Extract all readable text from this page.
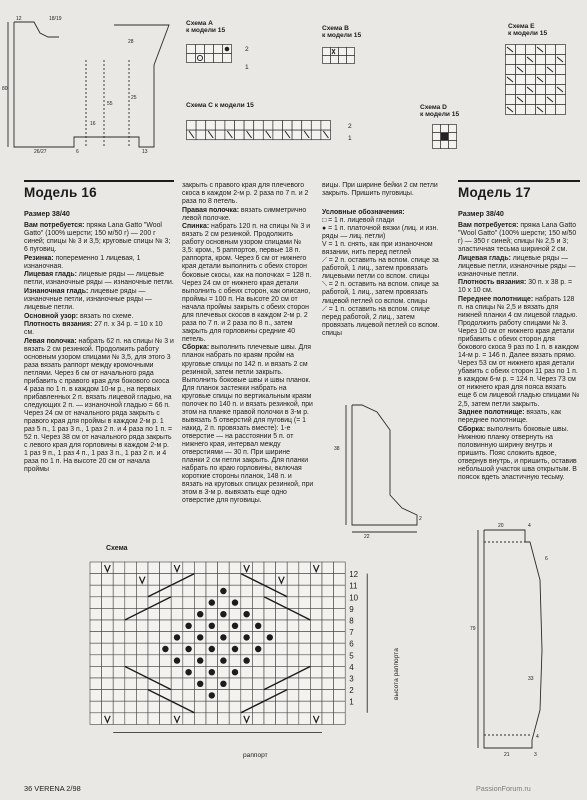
12	18/19
28
80
55
16
25
26/27	6	13
Схема А
к модели 15	Схема В
к модели 15
Схема Е
к модели 15
Схема С к модели 15	Схема D
к модели 15
2
1
2
1
Модель 16
Размер 38/40

Вам потребуется: пряжа Lana Gatto "Wool Gatto" (100% шерсти; 150 м/50 г) — 200 г синей; спицы № 3 и 3,5; круговые спицы № 3; 6 пуговиц.

Резинка: попеременно 1 лицевая, 1 изнаночная.

Лицевая гладь: лицевые ряды — лицевые петли, изнаночные ряды — изнаночные петли.

Изнаночная гладь: лицевые ряды — изнаночные петли, изнаночные ряды — лицевые петли.

Основной узор: вязать по схеме.

Плотность вязания: 27 п. х 34 р. = 10 х 10 см.

Левая полочка: набрать 62 п. на спицы № 3 и вязать 2 см резинкой. Продолжить работу основным узором спицами № 3,5, для этого 3 раза вязать раппорт между кромочными петлями. Через 6 см от начального ряда прибавить с правого края для бокового скоса 4 раза по 1 п. в каждом 10-м р., на первых прибавленных 2 п. вязать лицевой гладью, на следующих 2 п. — изнаночной гладью = 66 п. Через 24 см от начального ряда закрыть с правого края для проймы в каждом 2-м р. 1 раз 5 п., 1 раз 3 п., 1 раз 2 п. и 4 раза по 1 п. = 52 п. Через 38 см от начального ряда закрыть с левого края для горловины в каждом 2-м р. 1 раз 9 п., 1 раз 4 п., 1 раз 3 п., 1 раз 2 п. и 4 раза по 1 п. На высоте 20 см от начала проймы

закрыть с правого края для плечевого скоса в каждом 2-м р. 2 раза по 7 п. и 2 раза по 8 петель.

Правая полочка: вязать симметрично левой полочке.

Спинка: набрать 120 п. на спицы № 3 и вязать 2 см резинкой. Продолжить работу основным узором спицами № 3,5: кром., 5 раппортов, первые 18 п. раппорта, кром. Через 6 см от нижнего края детали выполнить с обеих сторон боковые скосы, как на полочках = 128 п. Через 24 см от нижнего края детали выполнить с обеих сторон, как описано, проймы = 100 п. На высоте 20 см от начала проймы закрыть с обеих сторон для плечевых скосов в каждом 2-м р. 2 раза по 7 п. и 2 раза по 8 п., затем закрыть для горловины средние 40 петель.

Сборка: выполнить плечевые швы. Для планок набрать по краям пройм на круговые спицы по 142 п. и вязать 2 см резинкой, затем петли закрыть. Выполнить боковые швы и швы планок. Для планок застежки набрать на круговые спицы по вертикальным краям полочек по 140 п. и вязать резинкой, при этом на планке правой полочки в 3-м р. вывязать 5 отверстий для пуговиц (= 1 накид, 2 п. провязать вместе): 1-е отверстие — на расстоянии 5 п. от нижнего края, интервал между отверстиями — 30 п. При ширине планки 2 см петли закрыть. Для планки набрать по краю горловины, включая короткие стороны планок, 148 п. и вязать на круговых спицах резинкой, при этом в 3-м р. вывязать еще одно отверстие для пуговицы.

вицы. При ширине бейки 2 см петли закрыть. Пришить пуговицы.

Условные обозначения:
□ = 1 п. лицевой глади
● = 1 п. платочной вязки (лиц. и изн. ряды — лиц. петли)
V = 1 п. снять, как при изнаночном вязании, нить перед петлей
⟋ = 2 п. оставить на вспом. спице за работой, 1 лиц., затем провязать лицевыми петли со вспом. спицы
⟍ = 2 п. оставить на вспом. спице за работой, 1 лиц., затем провязать лицевой петлей со вспом. спицы
⟋ = 1 п. оставить на вспом. спице перед работой, 2 лиц., затем провязать лицевой петлей со вспом. спицы
38
22
2
Модель 17
Размер 38/40

Вам потребуется: пряжа Lana Gatto "Wool Gatto" (100% шерсти; 150 м/50 г) — 350 г синей; спицы № 2,5 и 3; эластичная тесьма шириной 2 см.

Лицевая гладь: лицевые ряды — лицевые петли, изнаночные ряды — изнаночные петли.

Плотность вязания: 30 п. х 38 р. = 10 х 10 см.

Переднее полотнище: набрать 128 п. на спицы № 2,5 и вязать для нижней планки 4 см лицевой гладью. Продолжить работу спицами № 3. Через 10 см от нижнего края детали прибавить с обеих сторон для бокового скоса 9 раз по 1 п. в каждом 14-м р. = 146 п. Далее вязать прямо. Через 53 см от нижнего края детали убавить с обеих сторон 11 раз по 1 п. в каждом 6-м р. = 124 п. Через 73 см от нижнего края для пояса вязать еще 6 см лицевой гладью спицами № 2,5, затем петли закрыть.

Заднее полотнище: вязать, как переднее полотнище.

Сборка: выполнить боковые швы. Нижнюю планку отвернуть на половинную ширину внутрь и пришить. Пояс сложить вдвое, отвернув внутрь, и пришить, оставив небольшой участок шва открытым. В поясок вдеть эластичную тесьму.

20	4
6
79
33
21	3
4
Схема
12
11
10
9
8
7
6
5
4
3
2
1
раппорт
высота раппорта
36 VERENA 2/98	PassionForum.ru
